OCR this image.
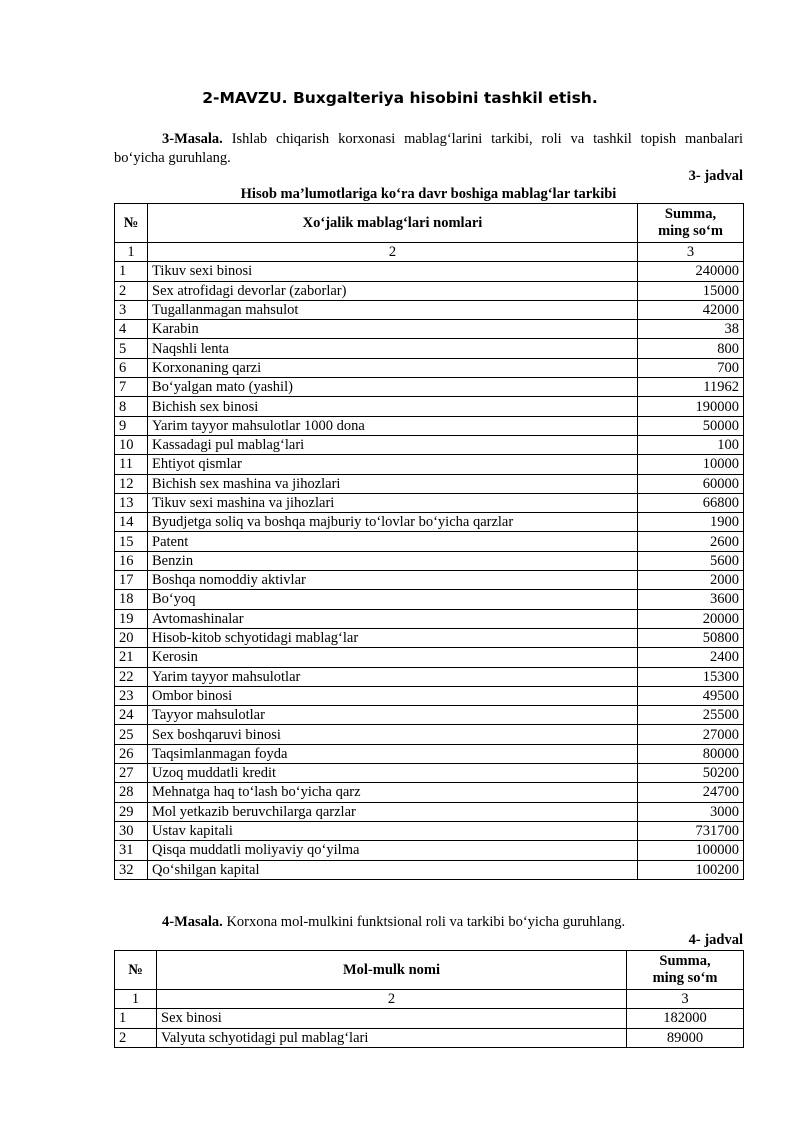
2-MAVZU. Buxgalteriya hisobini tashkil etish.
3-Masala. Ishlab chiqarish korxonasi mablag‘larini tarkibi, roli va tashkil topish manbalari bo‘yicha guruhlang.
3- jadval
Hisob ma’lumotlariga ko‘ra davr boshiga mablag‘lar tarkibi
№	Xo‘jalik mablag‘lari nomlari	Summa,
ming so‘m
1	2	3
1	Tikuv sexi binosi	240000
2	Sex atrofidagi devorlar (zaborlar)	15000
3	Tugallanmagan mahsulot	42000
4	Karabin	38
5	Naqshli lenta	800
6	Korxonaning qarzi	700
7	Bo‘yalgan mato (yashil)	11962
8	Bichish sex binosi	190000
9	Yarim tayyor mahsulotlar 1000 dona	50000
10	Kassadagi pul mablag‘lari	100
11	Ehtiyot qismlar	10000
12	Bichish sex mashina va jihozlari	60000
13	Tikuv sexi mashina va jihozlari	66800
14	Byudjetga soliq va boshqa majburiy to‘lovlar bo‘yicha qarzlar	1900
15	Patent	2600
16	Benzin	5600
17	Boshqa nomoddiy aktivlar	2000
18	Bo‘yoq	3600
19	Avtomashinalar	20000
20	Hisob-kitob schyotidagi mablag‘lar	50800
21	Kerosin	2400
22	Yarim tayyor mahsulotlar	15300
23	Ombor binosi	49500
24	Tayyor mahsulotlar	25500
25	Sex boshqaruvi binosi	27000
26	Taqsimlanmagan foyda	80000
27	Uzoq muddatli kredit	50200
28	Mehnatga haq to‘lash bo‘yicha qarz	24700
29	Mol yetkazib beruvchilarga qarzlar	3000
30	Ustav kapitali	731700
31	Qisqa muddatli moliyaviy qo‘yilma	100000
32	Qo‘shilgan kapital	100200
4-Masala. Korxona mol-mulkini funktsional roli va tarkibi bo‘yicha guruhlang.
4- jadval
№	Mol-mulk nomi	Summa,
ming so‘m
1	2	3
1	Sex binosi	182000
2	Valyuta schyotidagi pul mablag‘lari	89000
